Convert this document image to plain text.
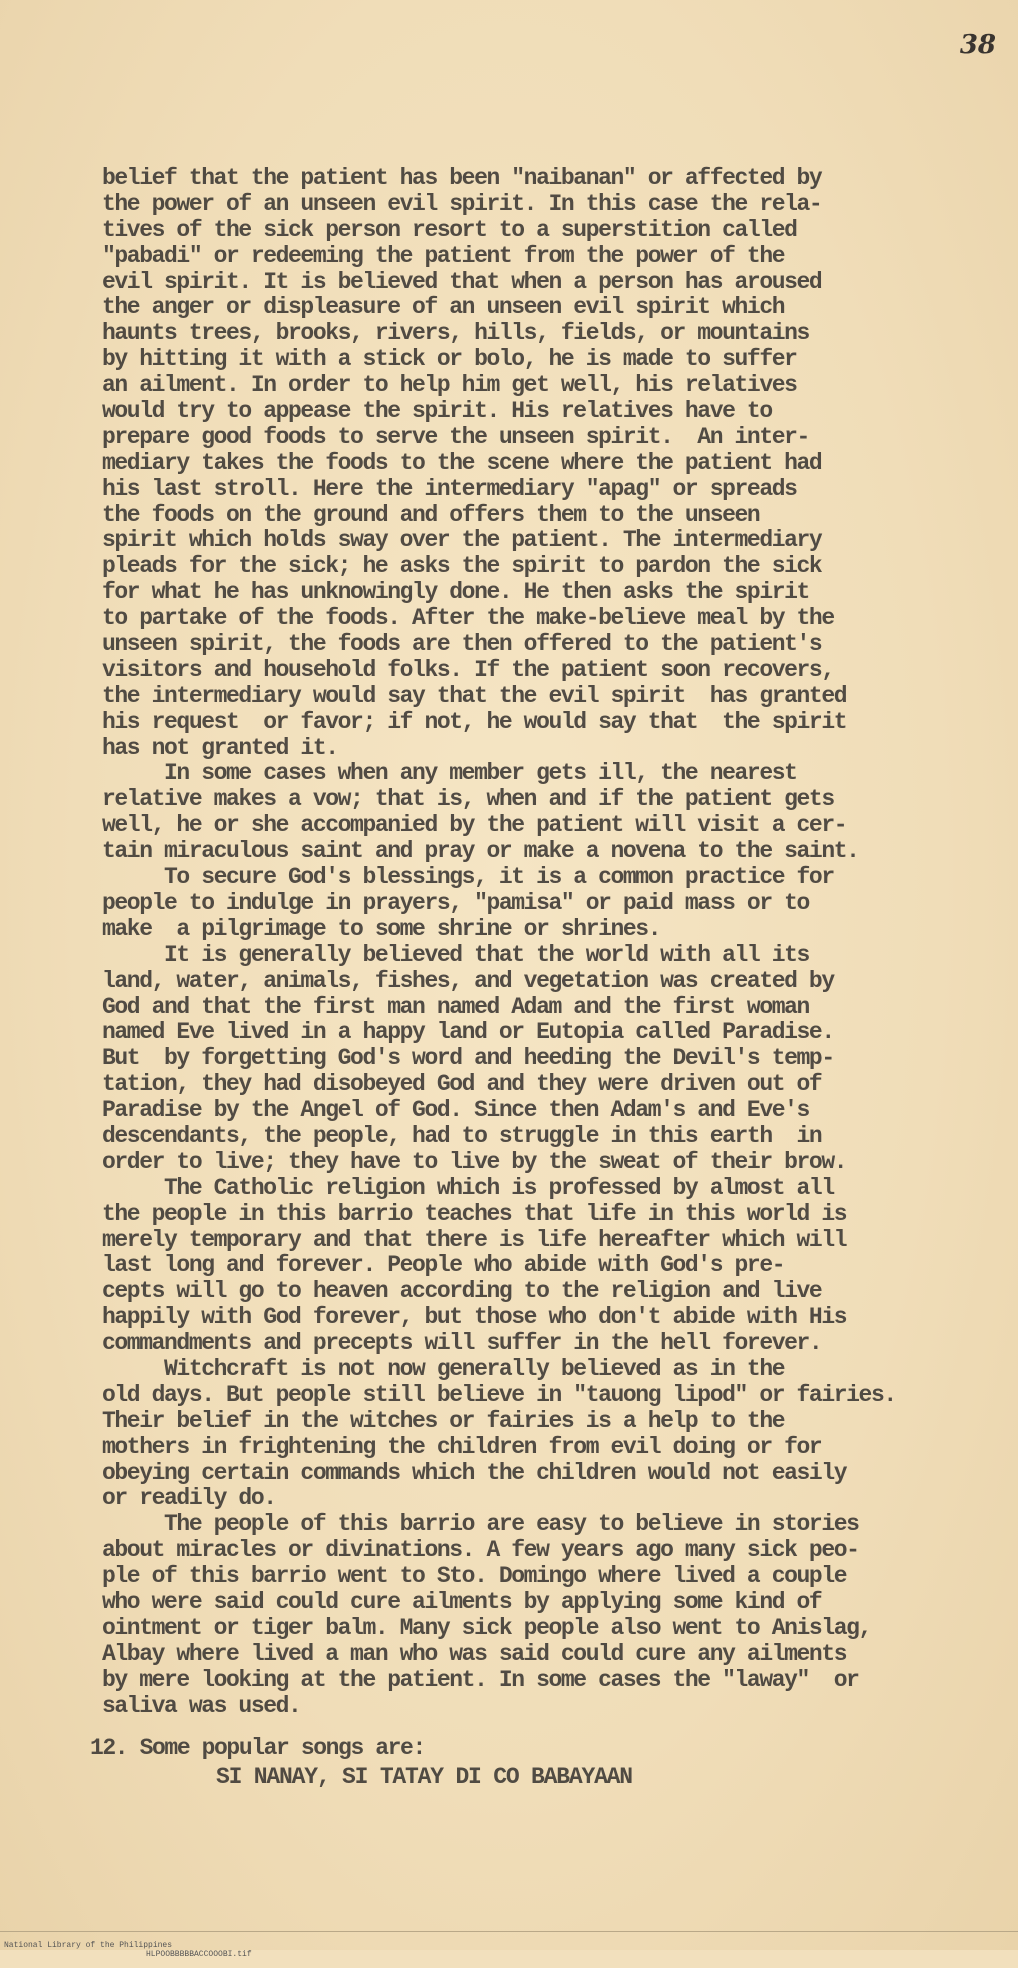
38
belief that the patient has been "naibanan" or affected by
the power of an unseen evil spirit. In this case the rela-
tives of the sick person resort to a superstition called
"pabadi" or redeeming the patient from the power of the
evil spirit. It is believed that when a person has aroused
the anger or displeasure of an unseen evil spirit which
haunts trees, brooks, rivers, hills, fields, or mountains
by hitting it with a stick or bolo, he is made to suffer
an ailment. In order to help him get well, his relatives
would try to appease the spirit. His relatives have to
prepare good foods to serve the unseen spirit.  An inter-
mediary takes the foods to the scene where the patient had
his last stroll. Here the intermediary "apag" or spreads
the foods on the ground and offers them to the unseen
spirit which holds sway over the patient. The intermediary
pleads for the sick; he asks the spirit to pardon the sick
for what he has unknowingly done. He then asks the spirit
to partake of the foods. After the make-believe meal by the
unseen spirit, the foods are then offered to the patient's
visitors and household folks. If the patient soon recovers,
the intermediary would say that the evil spirit  has granted
his request  or favor; if not, he would say that  the spirit
has not granted it.
In some cases when any member gets ill, the nearest
relative makes a vow; that is, when and if the patient gets
well, he or she accompanied by the patient will visit a cer-
tain miraculous saint and pray or make a novena to the saint.
To secure God's blessings, it is a common practice for
people to indulge in prayers, "pamisa" or paid mass or to
make  a pilgrimage to some shrine or shrines.
It is generally believed that the world with all its
land, water, animals, fishes, and vegetation was created by
God and that the first man named Adam and the first woman
named Eve lived in a happy land or Eutopia called Paradise.
But  by forgetting God's word and heeding the Devil's temp-
tation, they had disobeyed God and they were driven out of
Paradise by the Angel of God. Since then Adam's and Eve's
descendants, the people, had to struggle in this earth  in
order to live; they have to live by the sweat of their brow.
The Catholic religion which is professed by almost all
the people in this barrio teaches that life in this world is
merely temporary and that there is life hereafter which will
last long and forever. People who abide with God's pre-
cepts will go to heaven according to the religion and live
happily with God forever, but those who don't abide with His
commandments and precepts will suffer in the hell forever.
Witchcraft is not now generally believed as in the
old days. But people still believe in "tauong lipod" or fairies.
Their belief in the witches or fairies is a help to the
mothers in frightening the children from evil doing or for
obeying certain commands which the children would not easily
or readily do.
The people of this barrio are easy to believe in stories
about miracles or divinations. A few years ago many sick peo-
ple of this barrio went to Sto. Domingo where lived a couple
who were said could cure ailments by applying some kind of
ointment or tiger balm. Many sick people also went to Anislag,
Albay where lived a man who was said could cure any ailments
by mere looking at the patient. In some cases the "laway"  or
saliva was used.
12. Some popular songs are:
SI NANAY, SI TATAY DI CO BABAYAAN

National Library of the Philippines

HLPOOBBBBBACCOOOBI.tif
